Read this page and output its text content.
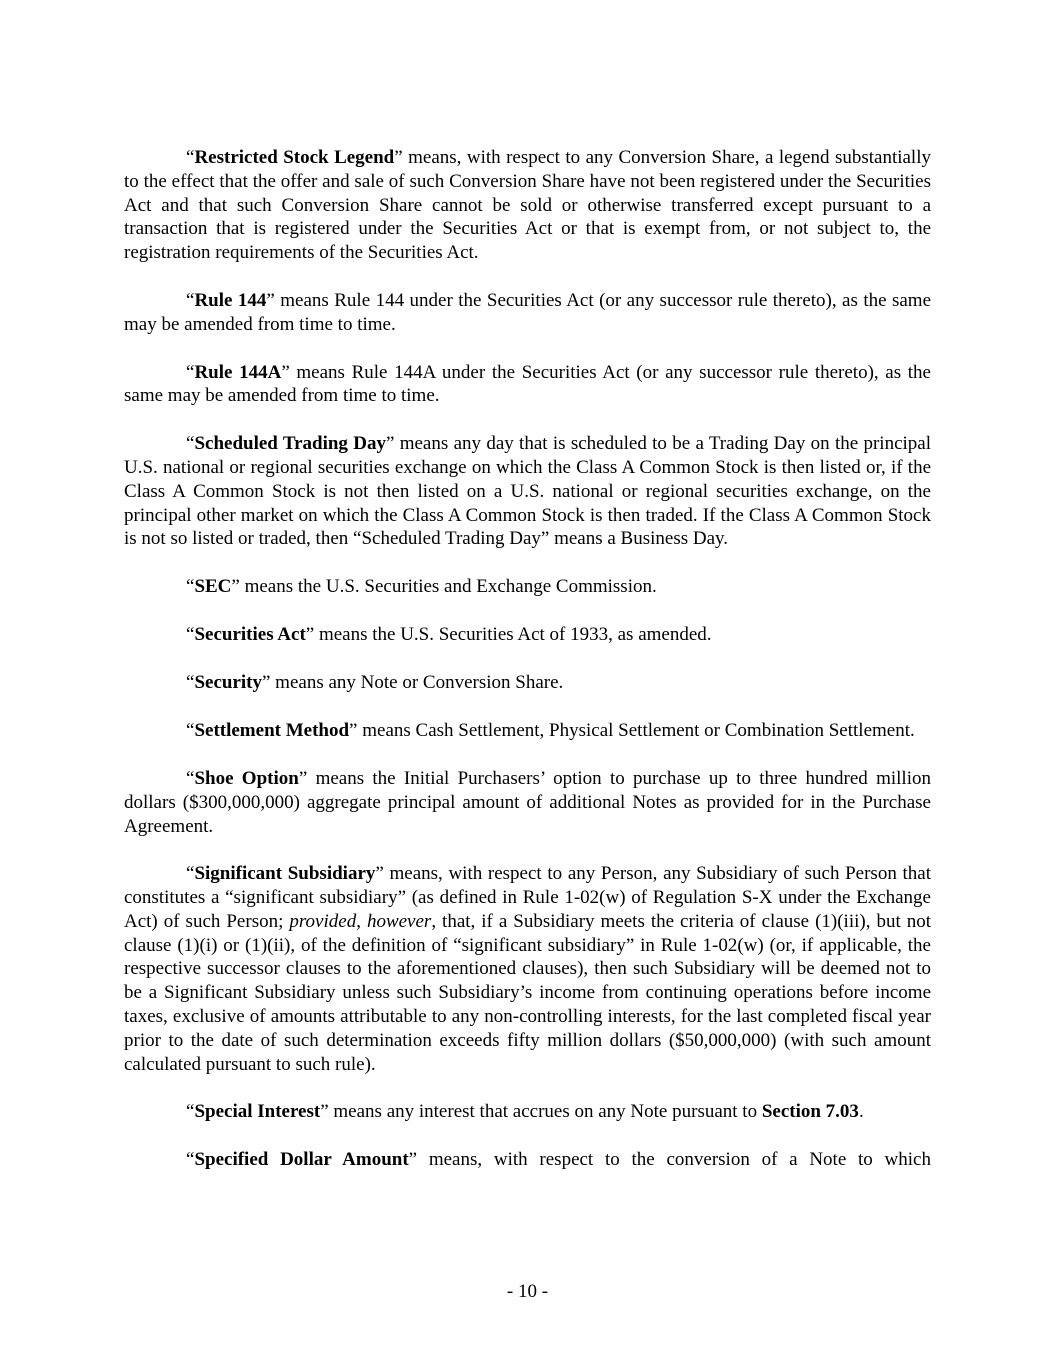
“Restricted Stock Legend” means, with respect to any Conversion Share, a legend substantially to the effect that the offer and sale of such Conversion Share have not been registered under the Securities Act and that such Conversion Share cannot be sold or otherwise transferred except pursuant to a transaction that is registered under the Securities Act or that is exempt from, or not subject to, the registration requirements of the Securities Act.

“Rule 144” means Rule 144 under the Securities Act (or any successor rule thereto), as the same may be amended from time to time.

“Rule 144A” means Rule 144A under the Securities Act (or any successor rule thereto), as the same may be amended from time to time.

“Scheduled Trading Day” means any day that is scheduled to be a Trading Day on the principal U.S. national or regional securities exchange on which the Class A Common Stock is then listed or, if the Class A Common Stock is not then listed on a U.S. national or regional securities exchange, on the principal other market on which the Class A Common Stock is then traded. If the Class A Common Stock is not so listed or traded, then “Scheduled Trading Day” means a Business Day.

“SEC” means the U.S. Securities and Exchange Commission.

“Securities Act” means the U.S. Securities Act of 1933, as amended.

“Security” means any Note or Conversion Share.

“Settlement Method” means Cash Settlement, Physical Settlement or Combination Settlement.

“Shoe Option” means the Initial Purchasers’ option to purchase up to three hundred million dollars ($300,000,000) aggregate principal amount of additional Notes as provided for in the Purchase Agreement.

“Significant Subsidiary” means, with respect to any Person, any Subsidiary of such Person that constitutes a “significant subsidiary” (as defined in Rule 1-02(w) of Regulation S-X under the Exchange Act) of such Person; provided, however, that, if a Subsidiary meets the criteria of clause (1)(iii), but not clause (1)(i) or (1)(ii), of the definition of “significant subsidiary” in Rule 1-02(w) (or, if applicable, the respective successor clauses to the aforementioned clauses), then such Subsidiary will be deemed not to be a Significant Subsidiary unless such Subsidiary’s income from continuing operations before income taxes, exclusive of amounts attributable to any non-controlling interests, for the last completed fiscal year prior to the date of such determination exceeds fifty million dollars ($50,000,000) (with such amount calculated pursuant to such rule).

“Special Interest” means any interest that accrues on any Note pursuant to Section 7.03.

“Specified Dollar Amount” means, with respect to the conversion of a Note to which

- 10 -
